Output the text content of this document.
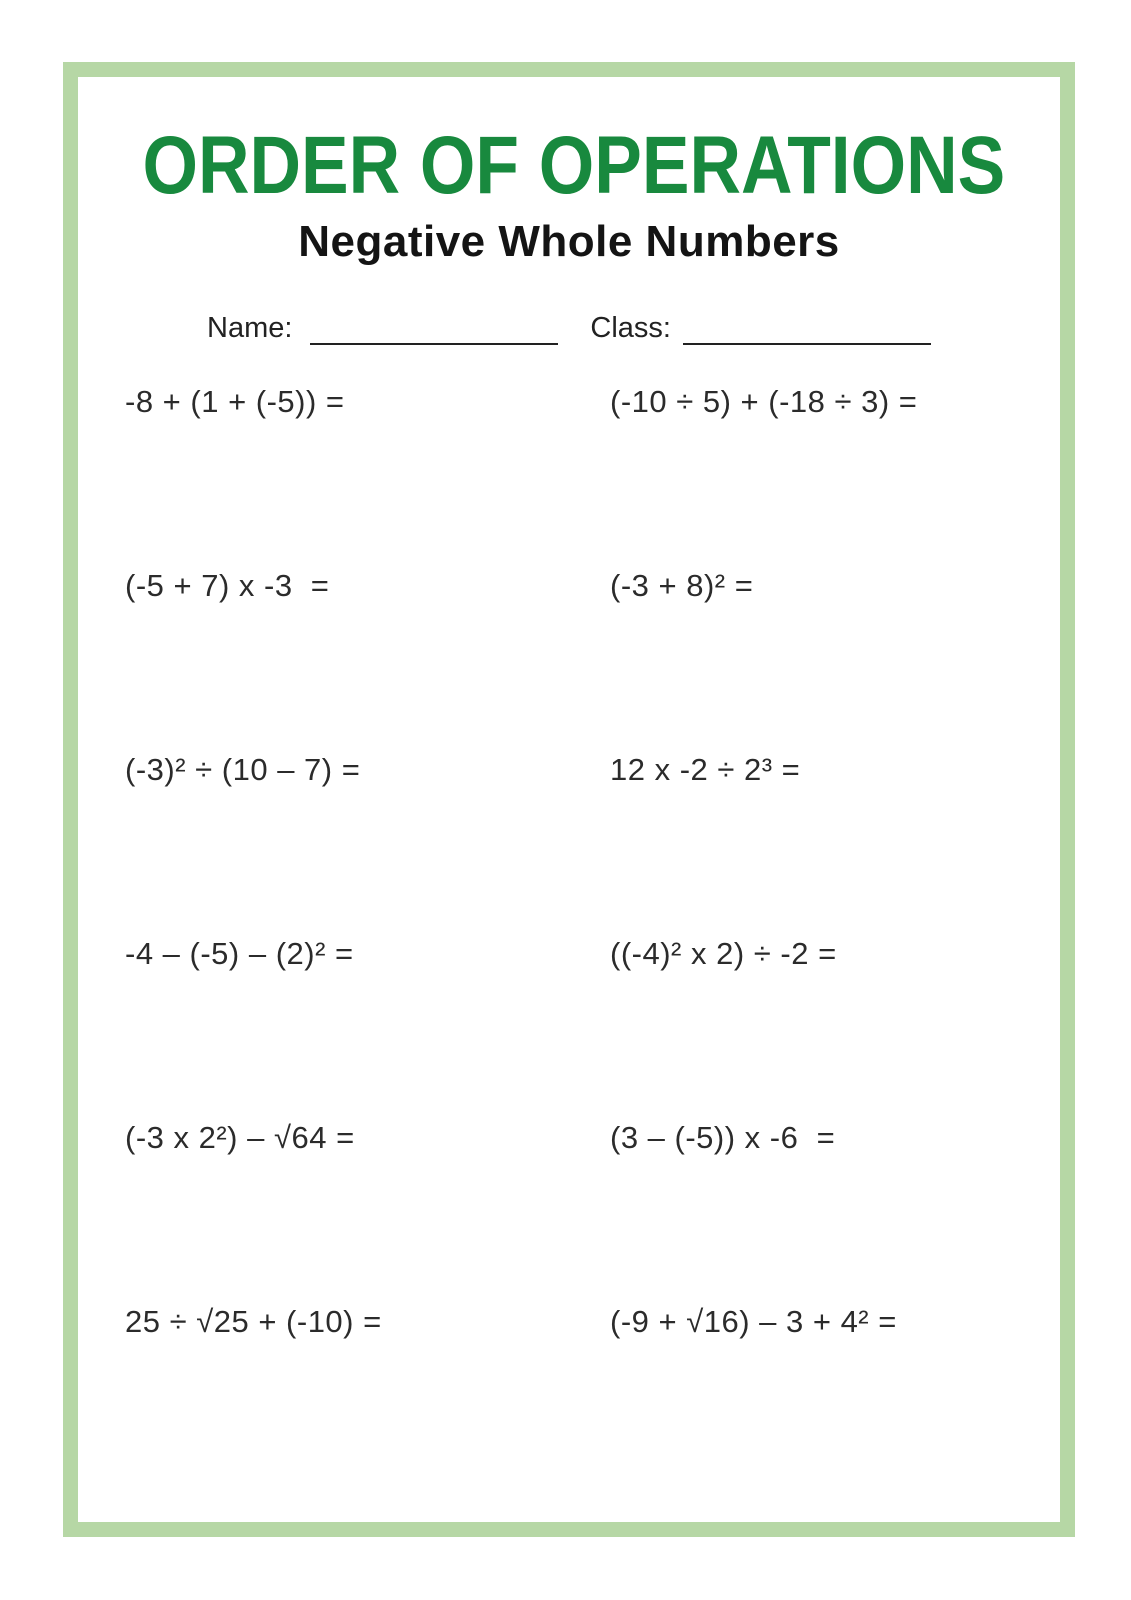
ORDER OF OPERATIONS
Negative Whole Numbers
Name:	Class:
-8 + (1 + (-5)) =	(-10 ÷ 5) + (-18 ÷ 3) =
(-5 + 7) x -3  =	(-3 + 8)² =
(-3)² ÷ (10 – 7) =	12 x -2 ÷ 2³ =
-4 – (-5) – (2)² =	((-4)² x 2) ÷ -2 =
(-3 x 2²) – √64 =	(3 – (-5)) x -6  =
25 ÷ √25 + (-10) =	(-9 + √16) – 3 + 4² =
